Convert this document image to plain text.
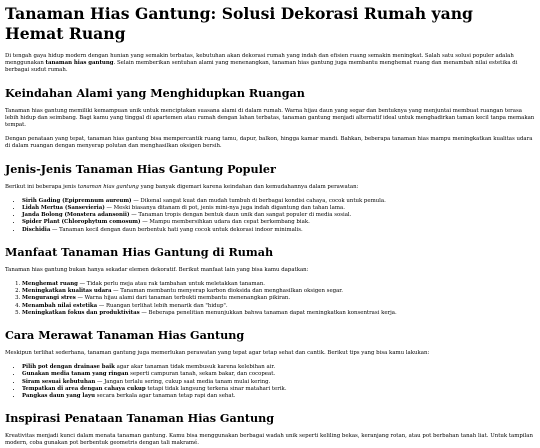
Tanaman Hias Gantung: Solusi Dekorasi Rumah yang Hemat Ruang

Di tengah gaya hidup modern dengan hunian yang semakin terbatas, kebutuhan akan dekorasi rumah yang indah dan efisien ruang semakin meningkat. Salah satu solusi populer adalah menggunakan tanaman hias gantung. Selain memberikan sentuhan alami yang menenangkan, tanaman hias gantung juga membantu menghemat ruang dan menambah nilai estetika di berbagai sudut rumah.

Keindahan Alami yang Menghidupkan Ruangan

Tanaman hias gantung memiliki kemampuan unik untuk menciptakan suasana alami di dalam rumah. Warna hijau daun yang segar dan bentuknya yang menjuntai membuat ruangan terasa lebih hidup dan seimbang. Bagi kamu yang tinggal di apartemen atau rumah dengan lahan terbatas, tanaman gantung menjadi alternatif ideal untuk menghadirkan taman kecil tanpa memakan tempat.

Dengan penataan yang tepat, tanaman hias gantung bisa mempercantik ruang tamu, dapur, balkon, hingga kamar mandi. Bahkan, beberapa tanaman hias mampu meningkatkan kualitas udara di dalam ruangan dengan menyerap polutan dan menghasilkan oksigen bersih.

Jenis-Jenis Tanaman Hias Gantung Populer

Berikut ini beberapa jenis tanaman hias gantung yang banyak digemari karena keindahan dan kemudahannya dalam perawatan:

• Sirih Gading (Epipremnum aureum) — Dikenal sangat kuat dan mudah tumbuh di berbagai kondisi cahaya, cocok untuk pemula.
• Lidah Mertua (Sansevieria) — Meski biasanya ditanam di pot, jenis mini-nya juga indah digantung dan tahan lama.
• Janda Bolong (Monstera adansonii) — Tanaman tropis dengan bentuk daun unik dan sangat populer di media sosial.
• Spider Plant (Chlorophytum comosum) — Mampu membersihkan udara dan cepat berkembang biak.
• Dischidia — Tanaman kecil dengan daun berbentuk hati yang cocok untuk dekorasi indoor minimalis.
Manfaat Tanaman Hias Gantung di Rumah

Tanaman hias gantung bukan hanya sekadar elemen dekoratif. Berikut manfaat lain yang bisa kamu dapatkan:

1. Menghemat ruang — Tidak perlu meja atau rak tambahan untuk meletakkan tanaman.
2. Meningkatkan kualitas udara — Tanaman membantu menyerap karbon dioksida dan menghasilkan oksigen segar.
3. Mengurangi stres — Warna hijau alami dari tanaman terbukti membantu menenangkan pikiran.
4. Menambah nilai estetika — Ruangan terlihat lebih menarik dan "hidup".
5. Meningkatkan fokus dan produktivitas — Beberapa penelitian menunjukkan bahwa tanaman dapat meningkatkan konsentrasi kerja.
Cara Merawat Tanaman Hias Gantung

Meskipun terlihat sederhana, tanaman gantung juga memerlukan perawatan yang tepat agar tetap sehat dan cantik. Berikut tips yang bisa kamu lakukan:

• Pilih pot dengan drainase baik agar akar tanaman tidak membusuk karena kelebihan air.
• Gunakan media tanam yang ringan seperti campuran tanah, sekam bakar, dan cocopeat.
• Siram sesuai kebutuhan — Jangan terlalu sering, cukup saat media tanam mulai kering.
• Tempatkan di area dengan cahaya cukup tetapi tidak langsung terkena sinar matahari terik.
• Pangkas daun yang layu secara berkala agar tanaman tetap rapi dan sehat.
Inspirasi Penataan Tanaman Hias Gantung

Kreativitas menjadi kunci dalam menata tanaman gantung. Kamu bisa menggunakan berbagai wadah unik seperti keliling bekas, keranjang rotan, atau pot berbahan tanah liat. Untuk tampilan modern, coba gunakan pot berbentuk geometris dengan tali makramé.
